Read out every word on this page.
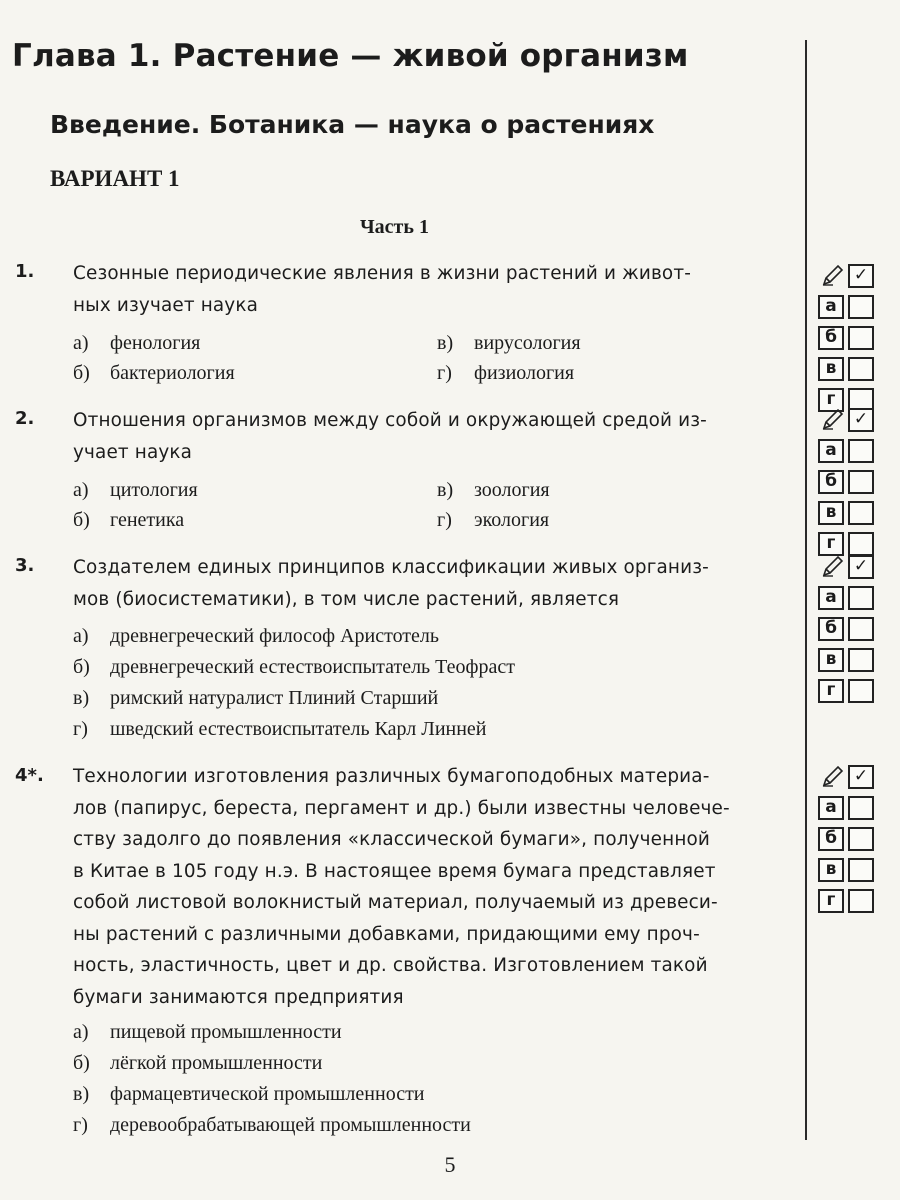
Глава 1. Растение — живой организм
Введение. Ботаника — наука о растениях
ВАРИАНТ 1
Часть 1
1. Сезонные периодические явления в жизни растений и живот-
ных изучает наука
а) фенология	в) вирусология
б) бактериология	г) физиология
2. Отношения организмов между собой и окружающей средой из-
учает наука
а) цитология	в) зоология
б) генетика	г) экология
3. Создателем единых принципов классификации живых организ-
мов (биосистематики), в том числе растений, является
а) древнегреческий философ Аристотель
б) древнегреческий естествоиспытатель Теофраст
в) римский натуралист Плиний Старший
г) шведский естествоиспытатель Карл Линней
4*. Технологии изготовления различных бумагоподобных материа-
лов (папирус, береста, пергамент и др.) были известны человече-
ству задолго до появления «классической бумаги», полученной
в Китае в 105 году н.э. В настоящее время бумага представляет
собой листовой волокнистый материал, получаемый из древеси-
ны растений с различными добавками, придающими ему проч-
ность, эластичность, цвет и др. свойства. Изготовлением такой
бумаги занимаются предприятия
а) пищевой промышленности
б) лёгкой промышленности
в) фармацевтической промышленности
г) деревообрабатывающей промышленности
✓
а
б
в
г
✓
а
б
в
г
✓
а
б
в
г
✓
а
б
в
г
5
